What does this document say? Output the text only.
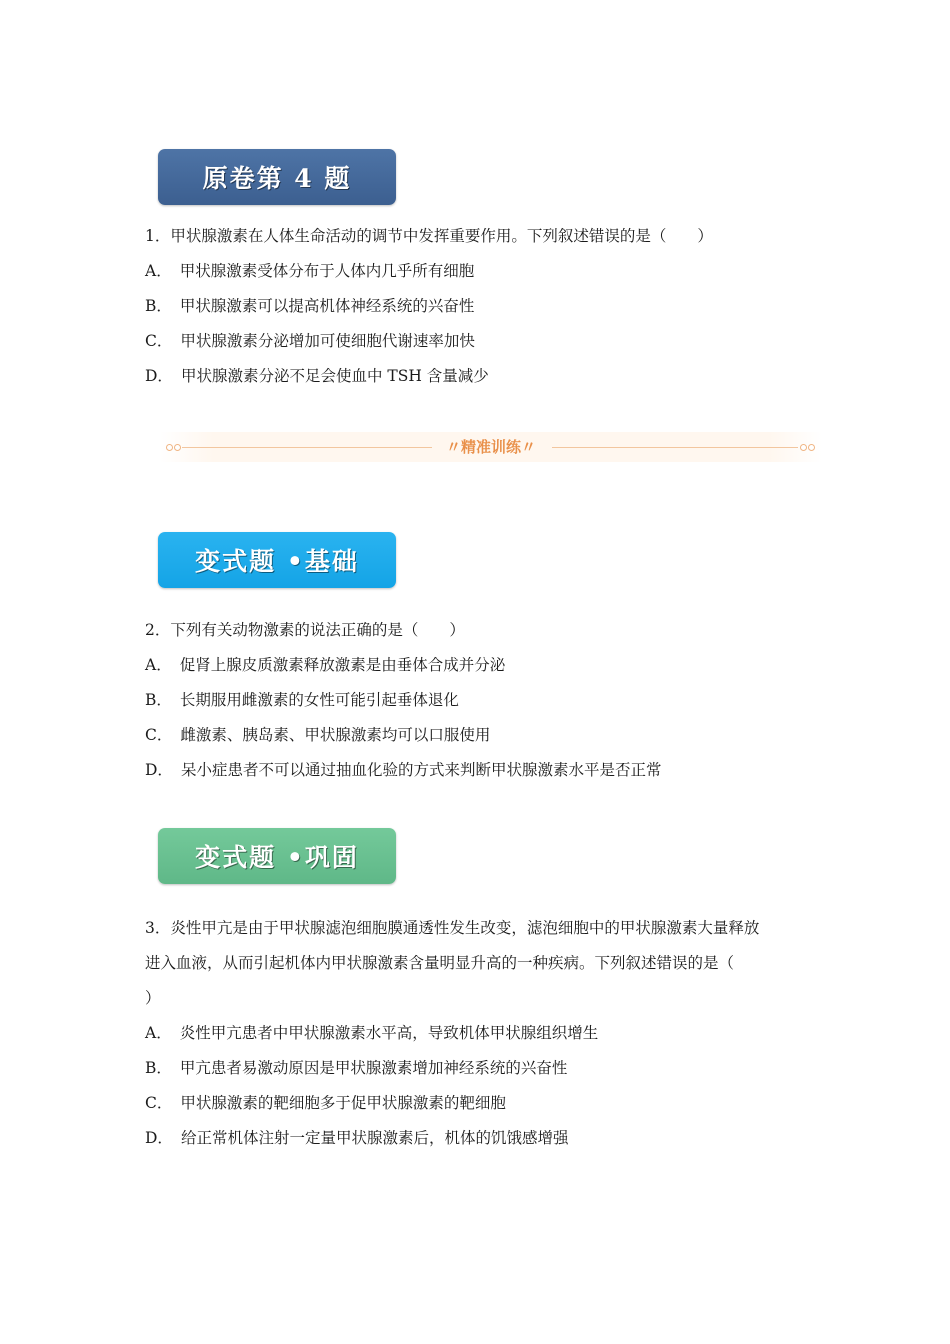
原卷第 4 题
1．甲状腺激素在人体生命活动的调节中发挥重要作用。下列叙述错误的是（　　）
A． 甲状腺激素受体分布于人体内几乎所有细胞
B． 甲状腺激素可以提高机体神经系统的兴奋性
C． 甲状腺激素分泌增加可使细胞代谢速率加快
D． 甲状腺激素分泌不足会使血中 TSH 含量减少
〃精准训练〃
变式题 •基础
2．下列有关动物激素的说法正确的是（　　）
A． 促肾上腺皮质激素释放激素是由垂体合成并分泌
B． 长期服用雌激素的女性可能引起垂体退化
C． 雌激素、胰岛素、甲状腺激素均可以口服使用
D． 呆小症患者不可以通过抽血化验的方式来判断甲状腺激素水平是否正常
变式题 •巩固
3．炎性甲亢是由于甲状腺滤泡细胞膜通透性发生改变，滤泡细胞中的甲状腺激素大量释放
进入血液，从而引起机体内甲状腺激素含量明显升高的一种疾病。下列叙述错误的是（
）
A． 炎性甲亢患者中甲状腺激素水平高，导致机体甲状腺组织增生
B． 甲亢患者易激动原因是甲状腺激素增加神经系统的兴奋性
C． 甲状腺激素的靶细胞多于促甲状腺激素的靶细胞
D． 给正常机体注射一定量甲状腺激素后，机体的饥饿感增强
